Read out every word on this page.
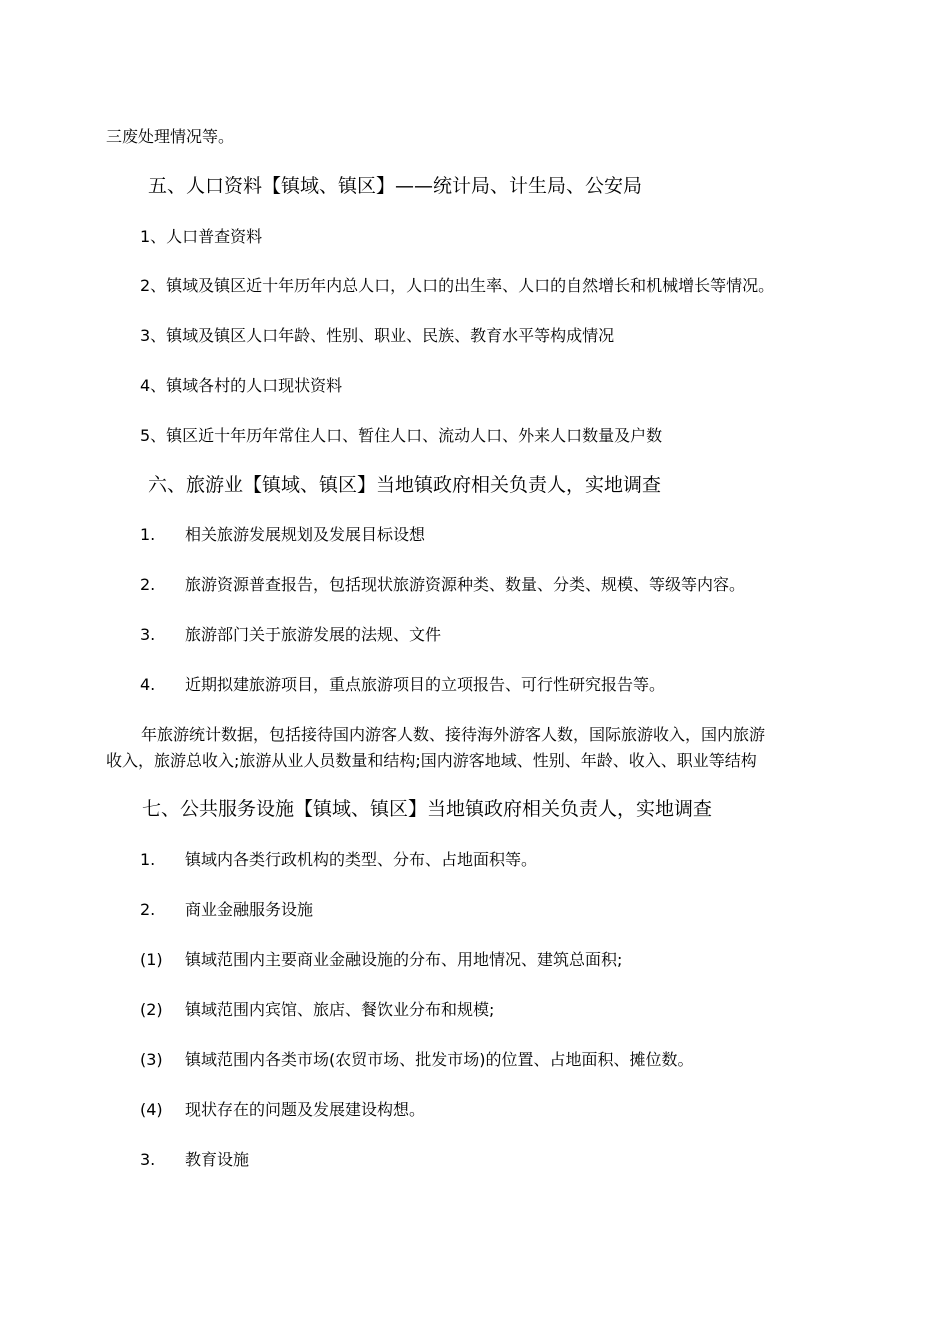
三废处理情况等。

五、人口资料【镇域、镇区】——统计局、计生局、公安局

1、人口普查资料

2、镇域及镇区近十年历年内总人口，人口的出生率、人口的自然增长和机械增长等情况。

3、镇域及镇区人口年龄、性别、职业、民族、教育水平等构成情况

4、镇域各村的人口现状资料

5、镇区近十年历年常住人口、暂住人口、流动人口、外来人口数量及户数

六、旅游业【镇域、镇区】当地镇政府相关负责人，实地调查

1. 相关旅游发展规划及发展目标设想

2. 旅游资源普查报告，包括现状旅游资源种类、数量、分类、规模、等级等内容。

3. 旅游部门关于旅游发展的法规、文件

4. 近期拟建旅游项目，重点旅游项目的立项报告、可行性研究报告等。

年旅游统计数据，包括接待国内游客人数、接待海外游客人数，国际旅游收入，国内旅游

收入，旅游总收入;旅游从业人员数量和结构;国内游客地域、性别、年龄、收入、职业等结构

七、公共服务设施【镇域、镇区】当地镇政府相关负责人，实地调查

1. 镇域内各类行政机构的类型、分布、占地面积等。

2. 商业金融服务设施

(1) 镇域范围内主要商业金融设施的分布、用地情况、建筑总面积;

(2) 镇域范围内宾馆、旅店、餐饮业分布和规模;

(3) 镇域范围内各类市场(农贸市场、批发市场)的位置、占地面积、摊位数。

(4) 现状存在的问题及发展建设构想。

3. 教育设施
